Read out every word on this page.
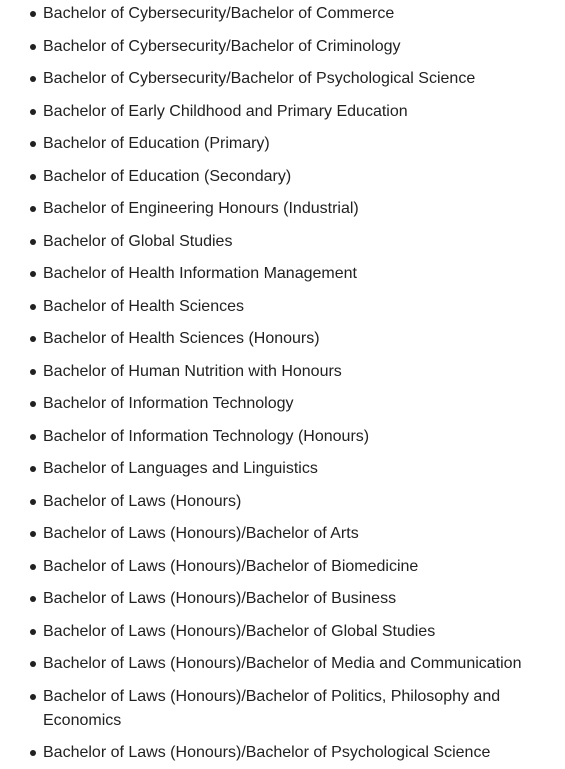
Bachelor of Cybersecurity/Bachelor of Commerce
Bachelor of Cybersecurity/Bachelor of Criminology
Bachelor of Cybersecurity/Bachelor of Psychological Science
Bachelor of Early Childhood and Primary Education
Bachelor of Education (Primary)
Bachelor of Education (Secondary)
Bachelor of Engineering Honours (Industrial)
Bachelor of Global Studies
Bachelor of Health Information Management
Bachelor of Health Sciences
Bachelor of Health Sciences (Honours)
Bachelor of Human Nutrition with Honours
Bachelor of Information Technology
Bachelor of Information Technology (Honours)
Bachelor of Languages and Linguistics
Bachelor of Laws (Honours)
Bachelor of Laws (Honours)/Bachelor of Arts
Bachelor of Laws (Honours)/Bachelor of Biomedicine
Bachelor of Laws (Honours)/Bachelor of Business
Bachelor of Laws (Honours)/Bachelor of Global Studies
Bachelor of Laws (Honours)/Bachelor of Media and Communication
Bachelor of Laws (Honours)/Bachelor of Politics, Philosophy and Economics
Bachelor of Laws (Honours)/Bachelor of Psychological Science
